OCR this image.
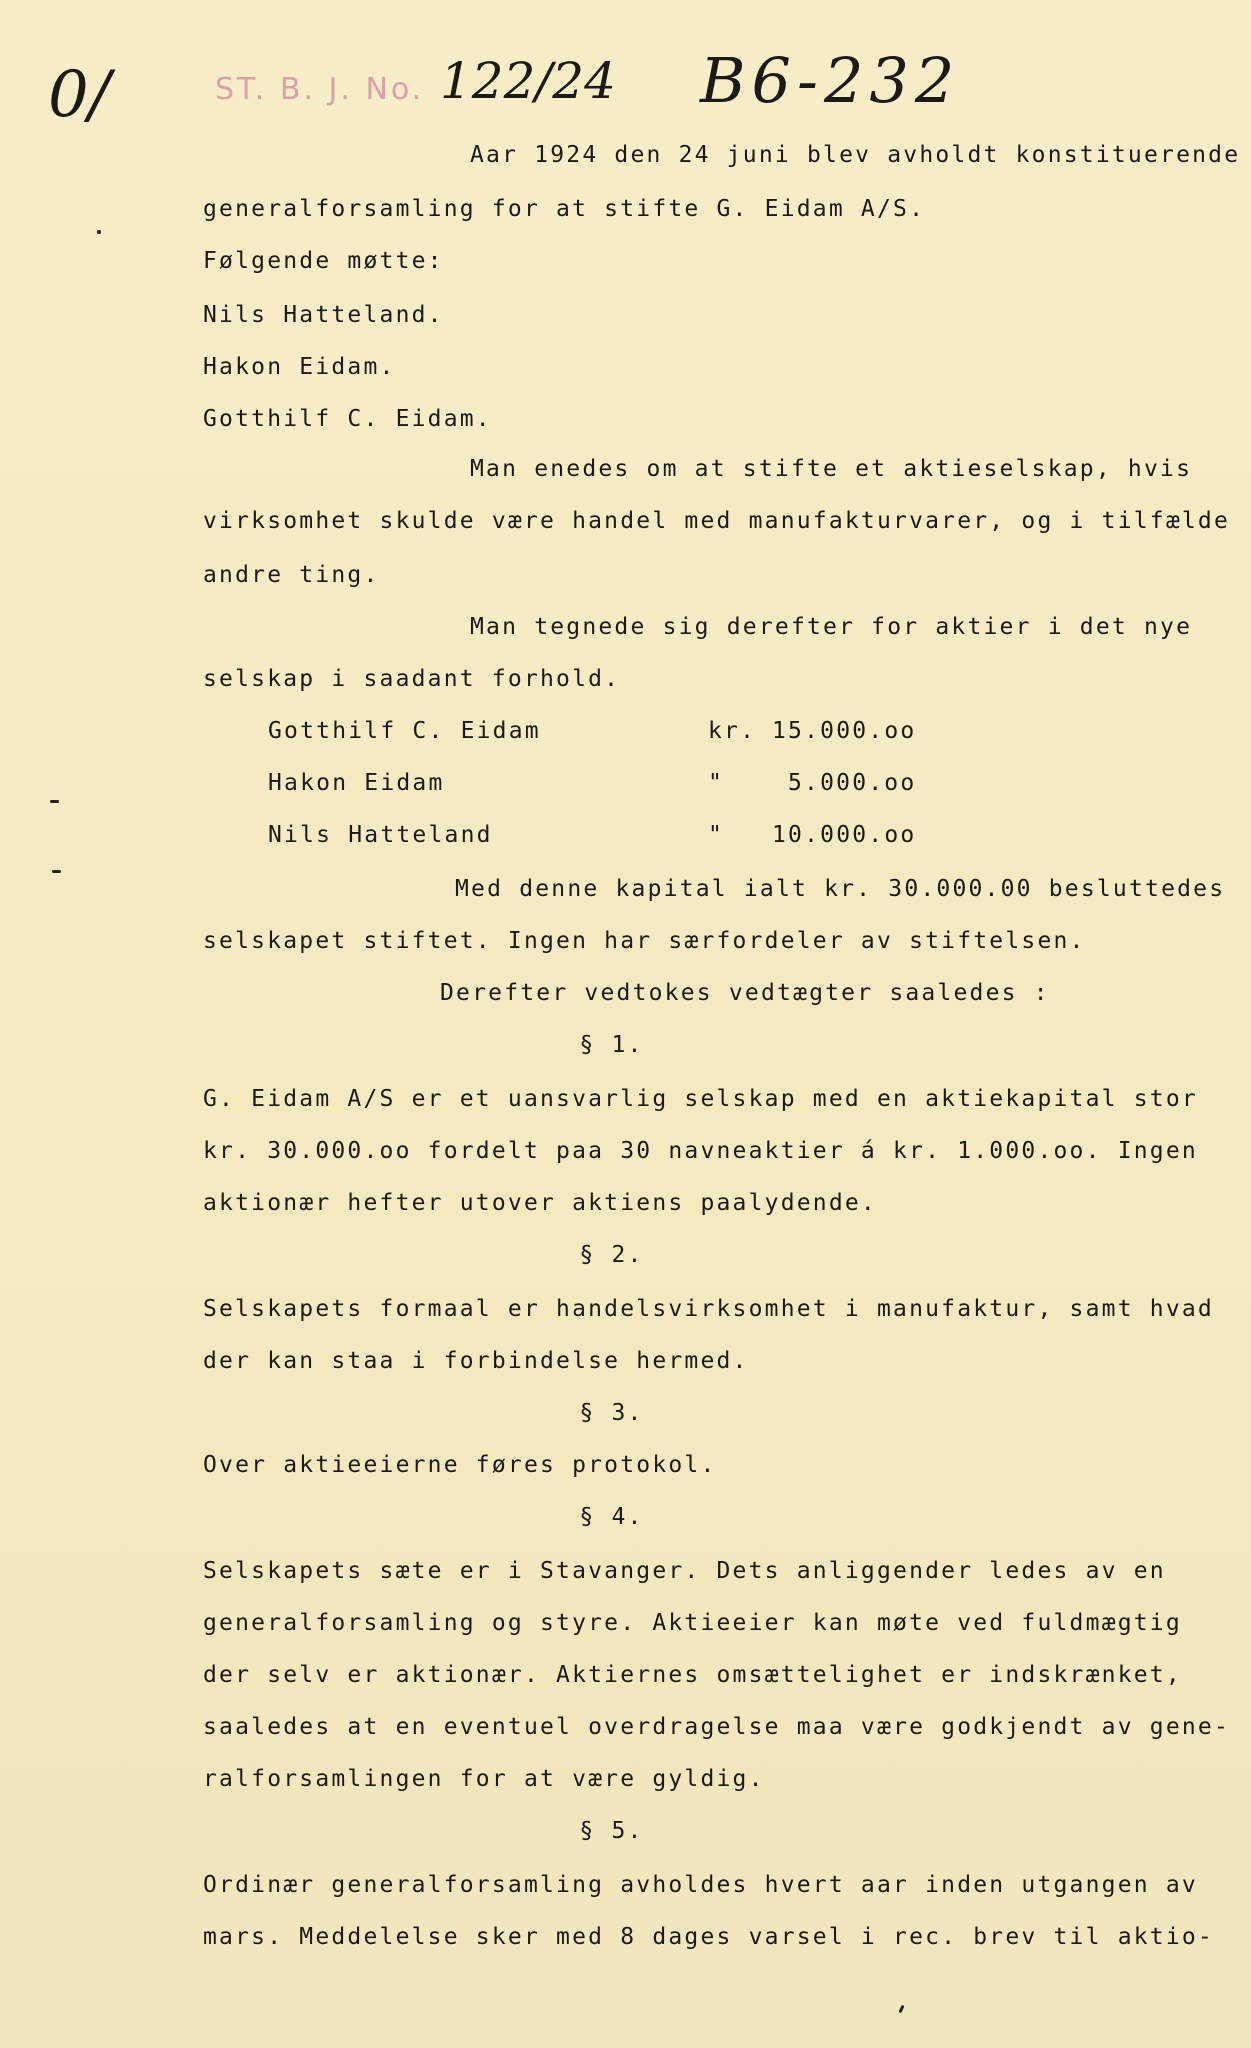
0/	ST. B. J. No. 122/24 B6-232
Aar 1924 den 24 juni blev avholdt konstituerende
generalforsamling for at stifte G. Eidam A/S.
Følgende møtte:
Nils Hatteland.
Hakon Eidam.
Gotthilf C. Eidam.
Man enedes om at stifte et aktieselskap, hvis
virksomhet skulde være handel med manufakturvarer, og i tilfælde
andre ting.
Man tegnede sig derefter for aktier i det nye
selskap i saadant forhold.
Gotthilf C. Eidam	kr. 15.000.oo
Hakon Eidam	"	5.000.oo
Nils Hatteland	" 10.000.oo
Med denne kapital ialt kr. 30.000.00 besluttedes
selskapet stiftet. Ingen har særfordeler av stiftelsen.
Derefter vedtokes vedtægter saaledes :
§ 1.
G. Eidam A/S er et uansvarlig selskap med en aktiekapital stor
kr. 30.000.oo fordelt paa 30 navneaktier á kr. 1.000.oo. Ingen
aktionær hefter utover aktiens paalydende.
§ 2.
Selskapets formaal er handelsvirksomhet i manufaktur, samt hvad
der kan staa i forbindelse hermed.
§ 3.
Over aktieeierne føres protokol.
§ 4.
Selskapets sæte er i Stavanger. Dets anliggender ledes av en
generalforsamling og styre. Aktieeier kan møte ved fuldmægtig
der selv er aktionær. Aktiernes omsættelighet er indskrænket,
saaledes at en eventuel overdragelse maa være godkjendt av gene-
ralforsamlingen for at være gyldig.
§ 5.
Ordinær generalforsamling avholdes hvert aar inden utgangen av
mars. Meddelelse sker med 8 dages varsel i rec. brev til aktio-
